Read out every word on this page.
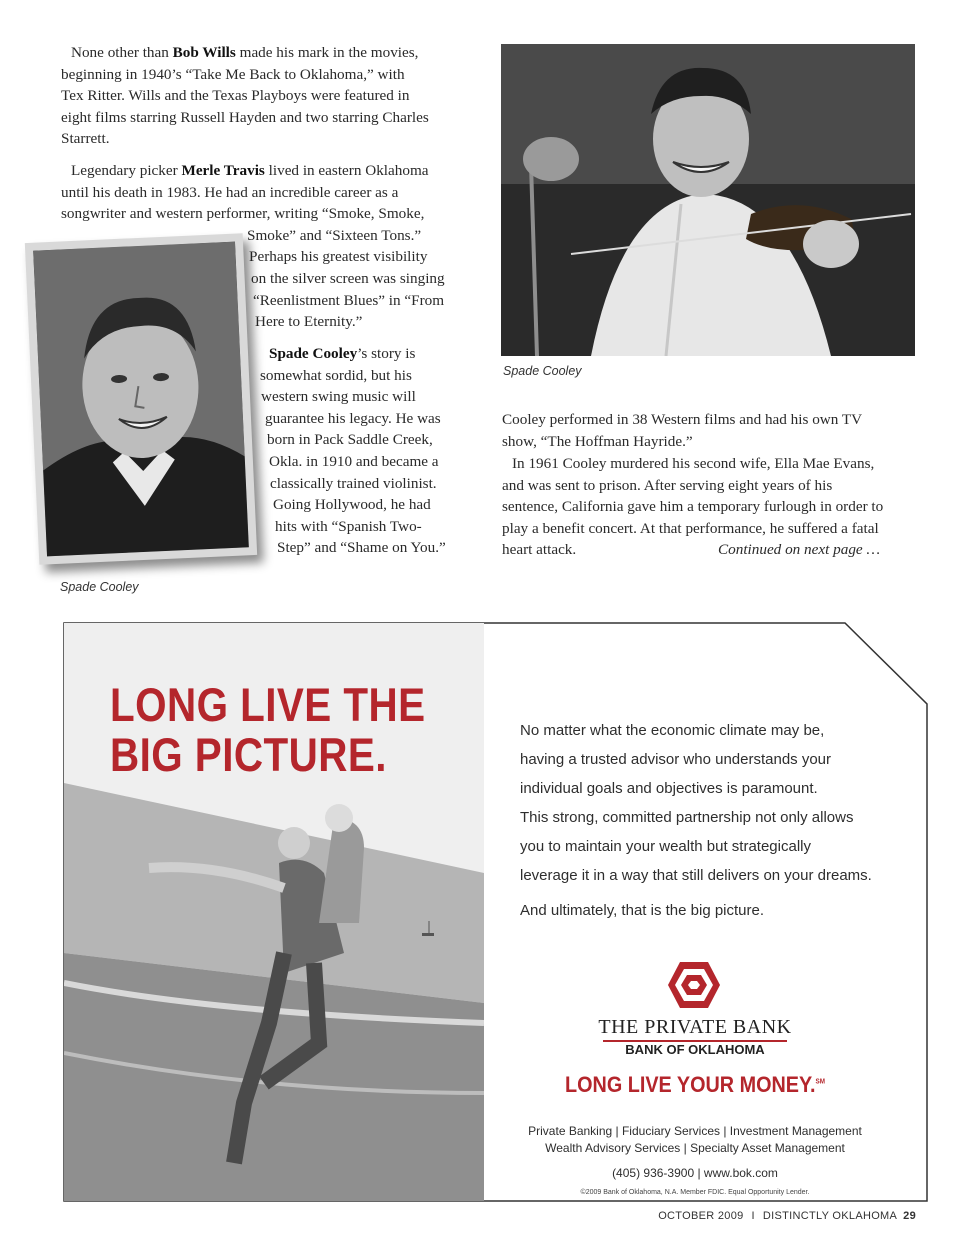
None other than Bob Wills made his mark in the movies,
beginning in 1940’s “Take Me Back to Oklahoma,” with
Tex Ritter. Wills and the Texas Playboys were featured in
eight films starring Russell Hayden and two starring Charles
Starrett.
Legendary picker Merle Travis lived in eastern Oklahoma
until his death in 1983. He had an incredible career as a
songwriter and western performer, writing “Smoke, Smoke,
Smoke” and “Sixteen Tons.”
Perhaps his greatest visibility
on the silver screen was singing
“Reenlistment Blues” in “From
Here to Eternity.”
Spade Cooley’s story is
somewhat sordid, but his
western swing music will
guarantee his legacy. He was
born in Pack Saddle Creek,
Okla. in 1910 and became a
classically trained violinist.
Going Hollywood, he had
hits with “Spanish Two-
Step” and “Shame on You.”
Spade Cooley
Spade Cooley
Cooley performed in 38 Western films and had his own TV
show, “The Hoffman Hayride.”
In 1961 Cooley murdered his second wife, Ella Mae Evans,
and was sent to prison. After serving eight years of his
sentence, California gave him a temporary furlough in order to
play a benefit concert. At that performance, he suffered a fatal
heart attack.	Continued on next page …
LONG LIVE THE
BIG PICTURE.	No matter what the economic climate may be,
having a trusted advisor who understands your
individual goals and objectives is paramount.
This strong, committed partnership not only allows
you to maintain your wealth but strategically
leverage it in a way that still delivers on your dreams.
And ultimately, that is the big picture.
THE PRIVATE BANK
BANK OF OKLAHOMA
LONG LIVE YOUR MONEY.℠
Private Banking | Fiduciary Services | Investment Management
Wealth Advisory Services | Specialty Asset Management
(405) 936-3900 | www.bok.com
©2009 Bank of Oklahoma, N.A. Member FDIC. Equal Opportunity Lender.
OCTOBER 2009 I DISTINCTLY OKLAHOMA 29
